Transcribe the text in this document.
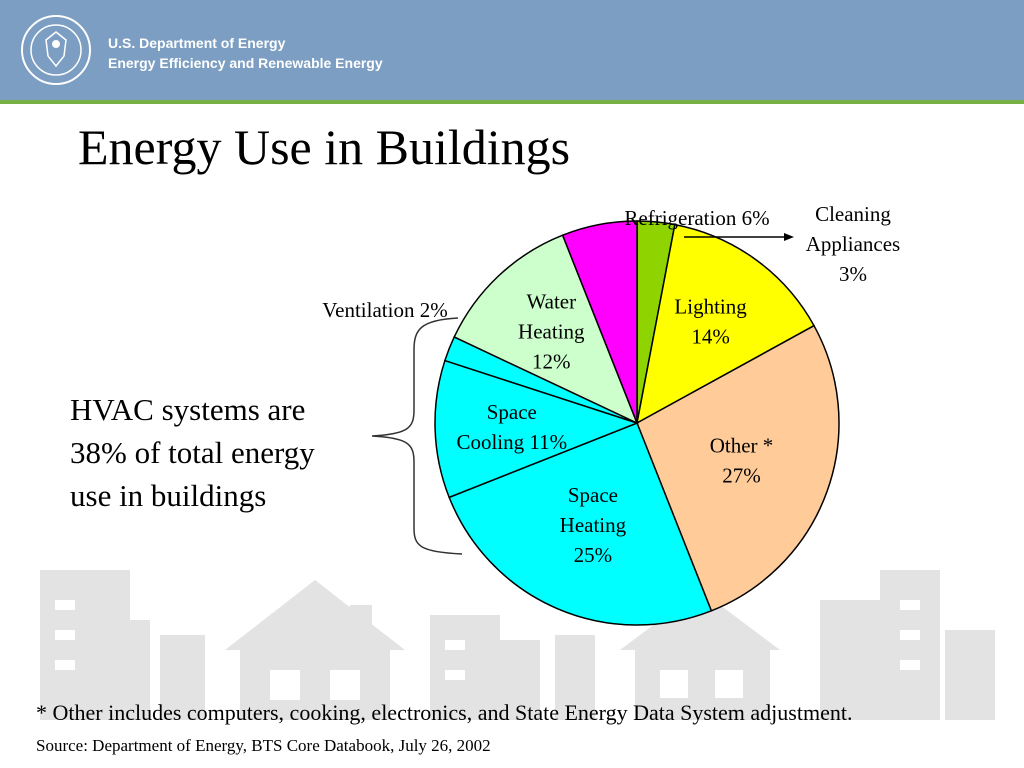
U.S. Department of Energy
Energy Efficiency and Renewable Energy
Energy Use in Buildings
Cleaning Appliances 3%
Lighting 14%
Other * 27%
Space Heating 25%
Space Cooling 11%
Ventilation 2%	Water Heating 12%
Refrigeration 6%
HVAC systems are
38% of total energy
use in buildings
* Other includes computers, cooking, electronics, and State Energy Data System adjustment.
Source: Department of Energy, BTS Core Databook, July 26, 2002
